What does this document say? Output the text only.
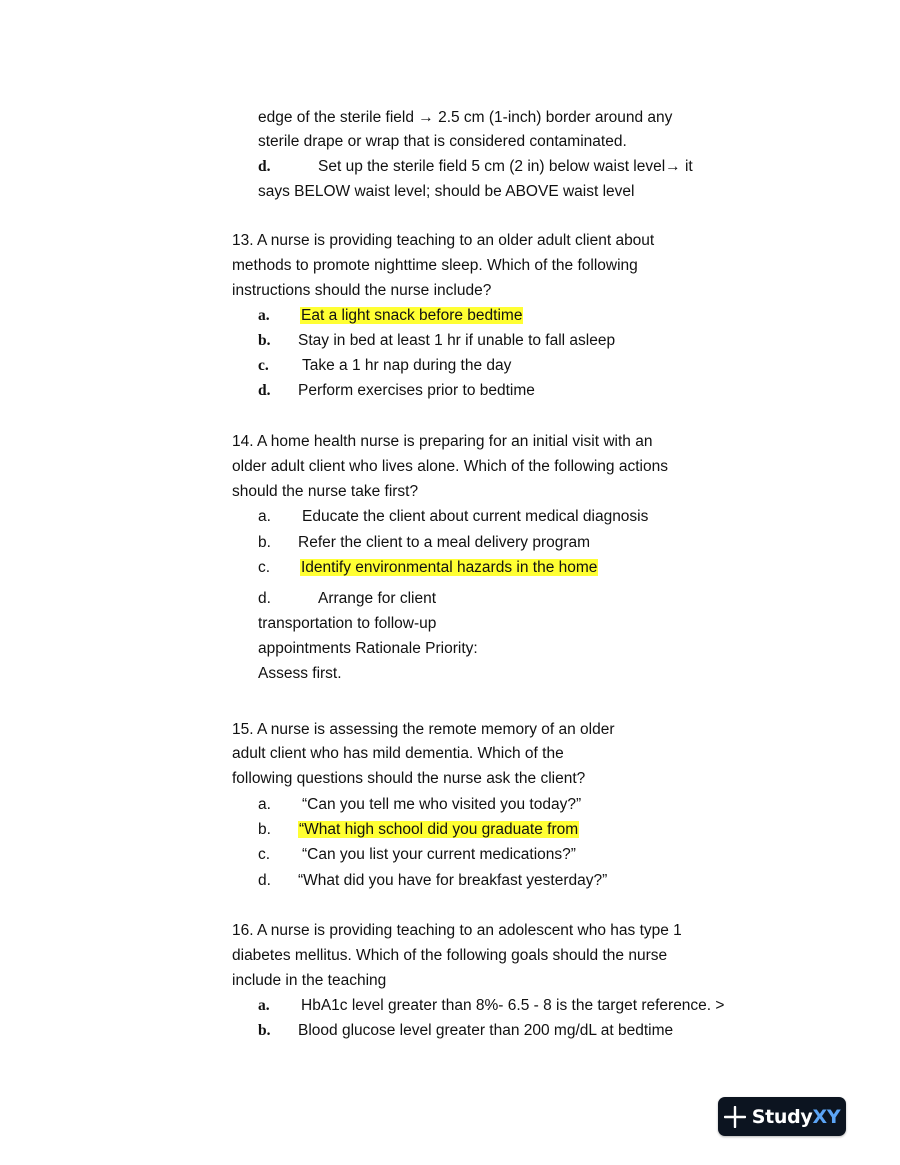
edge of the sterile field → 2.5 cm (1-inch) border around any
sterile drape or wrap that is considered contaminated.
d.	Set up the sterile field 5 cm (2 in) below waist level→ it
says BELOW waist level; should be ABOVE waist level
13. A nurse is providing teaching to an older adult client about
methods to promote nighttime sleep. Which of the following
instructions should the nurse include?
a. Eat a light snack before bedtime
b. Stay in bed at least 1 hr if unable to fall asleep
c. Take a 1 hr nap during the day
d. Perform exercises prior to bedtime
14. A home health nurse is preparing for an initial visit with an
older adult client who lives alone. Which of the following actions
should the nurse take first?
a. Educate the client about current medical diagnosis
b. Refer the client to a meal delivery program
c. Identify environmental hazards in the home
d.	Arrange for client
transportation to follow-up
appointments Rationale Priority:
Assess first.
15. A nurse is assessing the remote memory of an older
adult client who has mild dementia. Which of the
following questions should the nurse ask the client?
a. “Can you tell me who visited you today?”
b. “What high school did you graduate from
c. “Can you list your current medications?”
d. “What did you have for breakfast yesterday?”
16. A nurse is providing teaching to an adolescent who has type 1
diabetes mellitus. Which of the following goals should the nurse
include in the teaching
a. HbA1c level greater than 8%- 6.5 - 8 is the target reference. >
b. Blood glucose level greater than 200 mg/dL at bedtime
StudyXY
